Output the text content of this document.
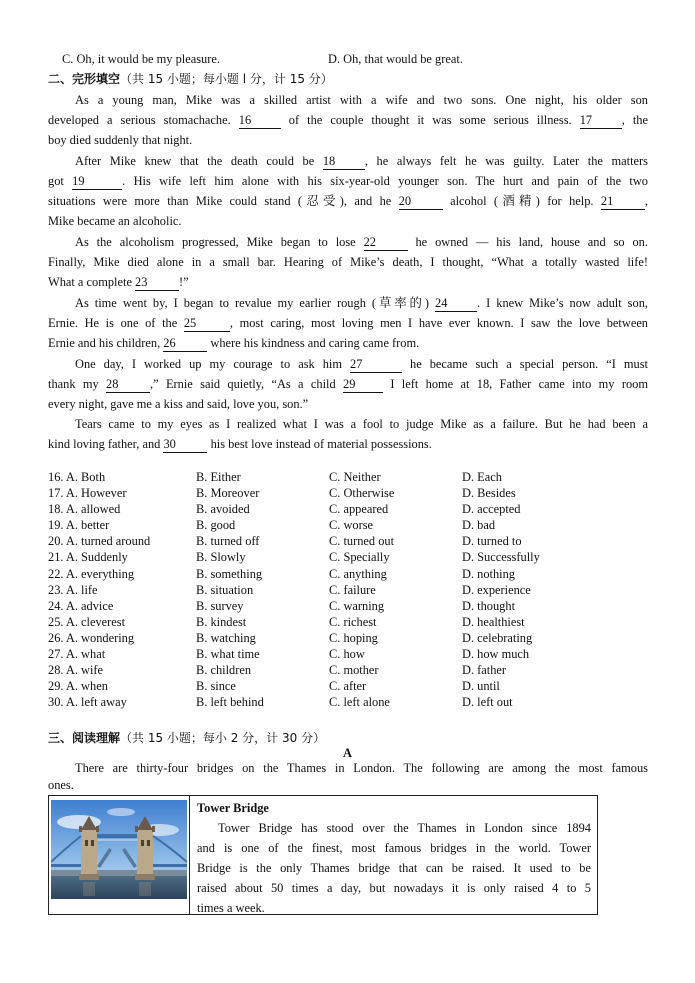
C. Oh, it would be my pleasure.	D. Oh, that would be great.
二、完形填空（共 15 小题；每小题 l 分，计 15 分）
As a young man, Mike was a skilled artist with a wife and two sons. One night, his older son
developed a serious stomachache. 16 of the couple thought it was some serious illness. 17 , the
boy died suddenly that night.
After Mike knew that the death could be 18 , he always felt he was guilty. Later the matters
got 19	. His wife left him alone with his six-year-old younger son. The hurt and pain of the two
situations were more than Mike could stand (忍受), and he 20	alcohol (酒精) for help. 21	,
Mike became an alcoholic.
As the alcoholism progressed, Mike began to lose 22	he owned — his land, house and so on.
Finally, Mike died alone in a small bar. Hearing of Mike’s death, I thought, “What a totally wasted life!
What a complete 23	!”
As time went by, I began to revalue my earlier rough (草率的) 24 . I knew Mike’s now adult son,
Ernie. He is one of the 25	, most caring, most loving men I have ever known. I saw the love between
Ernie and his children, 26	where his kindness and caring came from.
One day, I worked up my courage to ask him 27	he became such a special person. “I must
thank my 28	,” Ernie said quietly, “As a child 29 I left home at 18, Father came into my room
every night, gave me a kiss and said, love you, son.”
Tears came to my eyes as I realized what I was a fool to judge Mike as a failure. But he had been a
kind loving father, and 30	his best love instead of material possessions.
16. A. Both	B. Either	C. Neither	D. Each
17. A. However	B. Moreover	C. Otherwise	D. Besides
18. A. allowed	B. avoided	C. appeared	D. accepted
19. A. better	B. good	C. worse	D. bad
20. A. turned around	B. turned off	C. turned out	D. turned to
21. A. Suddenly	B. Slowly	C. Specially	D. Successfully
22. A. everything	B. something	C. anything	D. nothing
23. A. life	B. situation	C. failure	D. experience
24. A. advice	B. survey	C. warning	D. thought
25. A. cleverest	B. kindest	C. richest	D. healthiest
26. A. wondering	B. watching	C. hoping	D. celebrating
27. A. what	B. what time	C. how	D. how much
28. A. wife	B. children	C. mother	D. father
29. A. when	B. since	C. after	D. until
30. A. left away	B. left behind	C. left alone	D. left out
三、阅读理解（共 15 小题；每小 2 分，计 30 分）
A
There are thirty-four bridges on the Thames in London. The following are among the most famous
ones.
Tower Bridge
Tower Bridge has stood over the Thames in London since 1894
and is one of the finest, most famous bridges in the world. Tower
Bridge is the only Thames bridge that can be raised. It used to be
raised about 50 times a day, but nowadays it is only raised 4 to 5
times a week.
